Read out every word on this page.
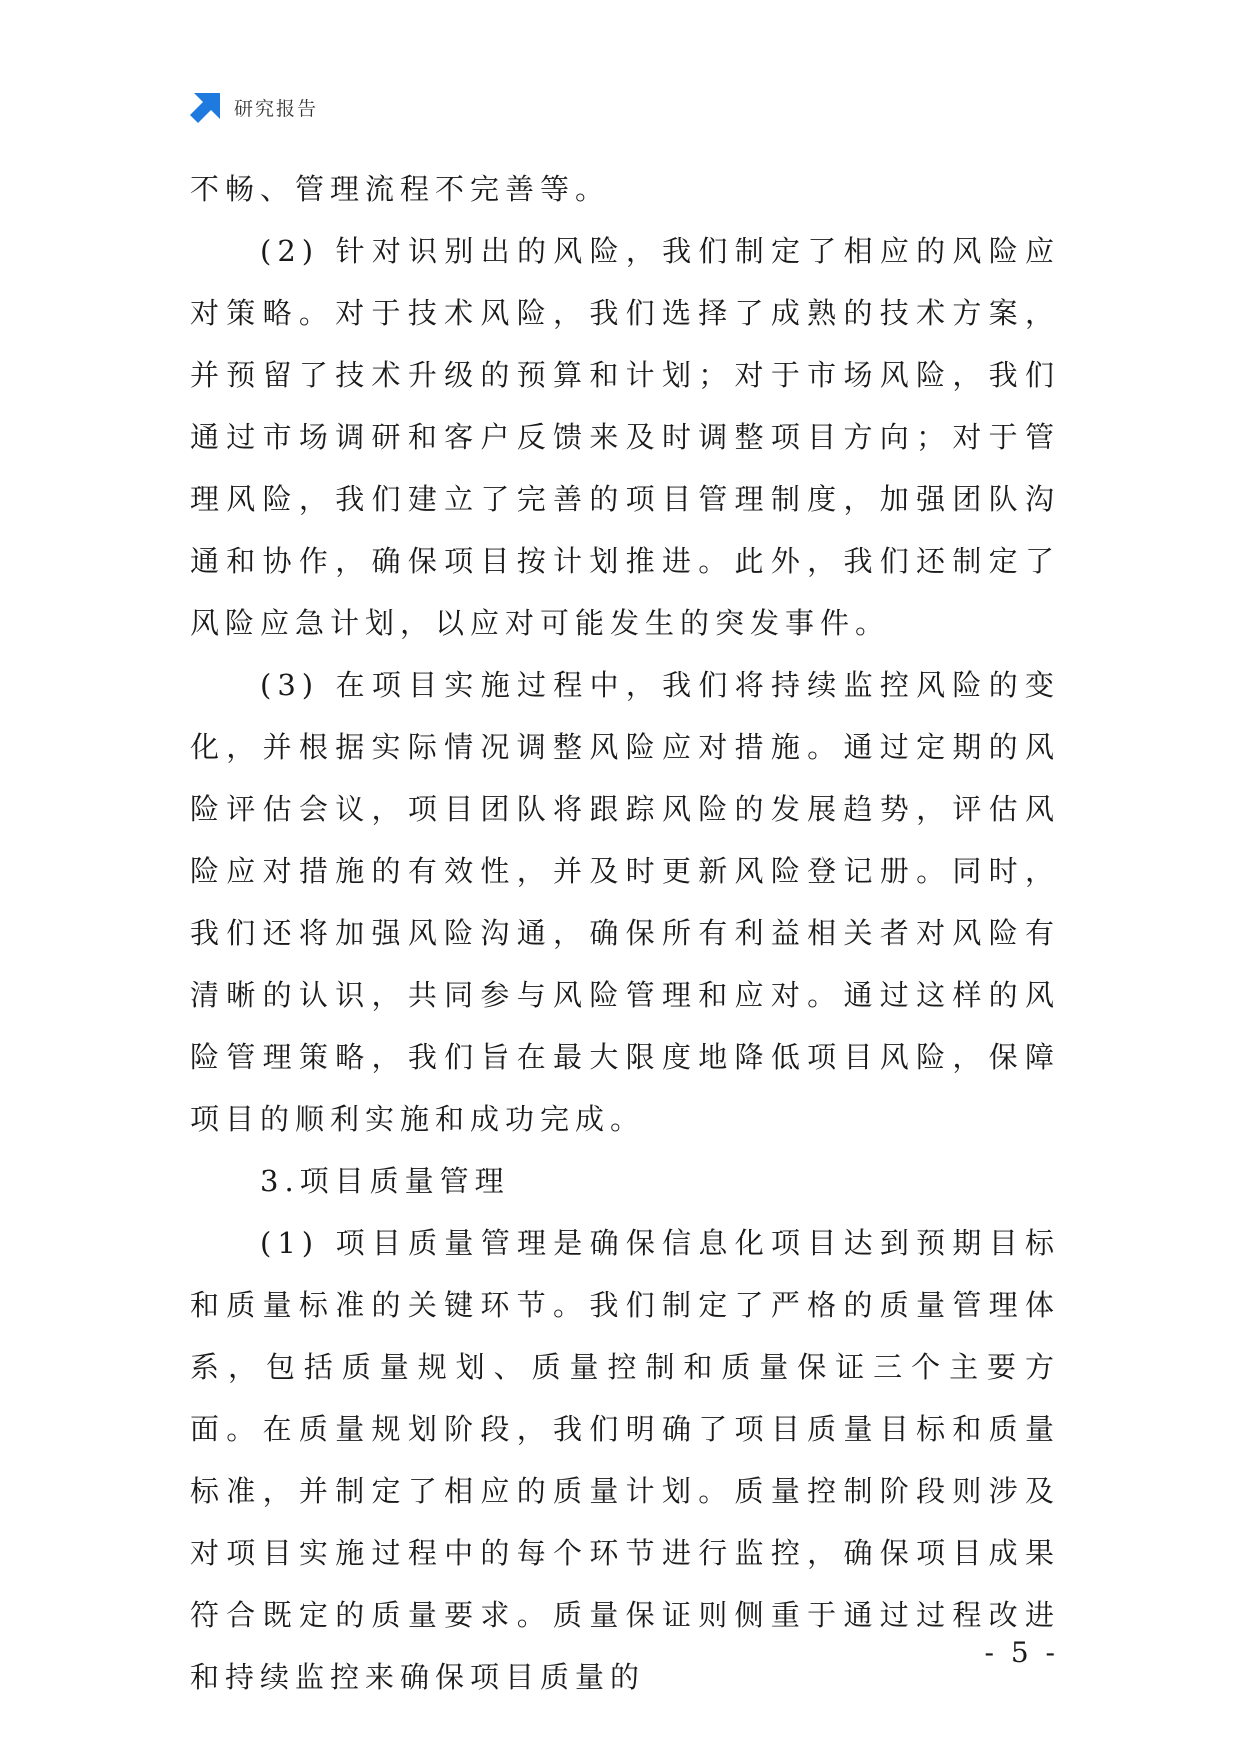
研究报告

不畅、管理流程不完善等。

(2) 针对识别出的风险，我们制定了相应的风险应对策略。对于技术风险，我们选择了成熟的技术方案，并预留了技术升级的预算和计划；对于市场风险，我们通过市场调研和客户反馈来及时调整项目方向；对于管理风险，我们建立了完善的项目管理制度，加强团队沟通和协作，确保项目按计划推进。此外，我们还制定了风险应急计划，以应对可能发生的突发事件。

(3) 在项目实施过程中，我们将持续监控风险的变化，并根据实际情况调整风险应对措施。通过定期的风险评估会议，项目团队将跟踪风险的发展趋势，评估风险应对措施的有效性，并及时更新风险登记册。同时，我们还将加强风险沟通，确保所有利益相关者对风险有清晰的认识，共同参与风险管理和应对。通过这样的风险管理策略，我们旨在最大限度地降低项目风险，保障项目的顺利实施和成功完成。

3.项目质量管理

(1) 项目质量管理是确保信息化项目达到预期目标和质量标准的关键环节。我们制定了严格的质量管理体系，包括质量规划、质量控制和质量保证三个主要方面。在质量规划阶段，我们明确了项目质量目标和质量标准，并制定了相应的质量计划。质量控制阶段则涉及对项目实施过程中的每个环节进行监控，确保项目成果符合既定的质量要求。质量保证则侧重于通过过程改进和持续监控来确保项目质量的

- 5 -
